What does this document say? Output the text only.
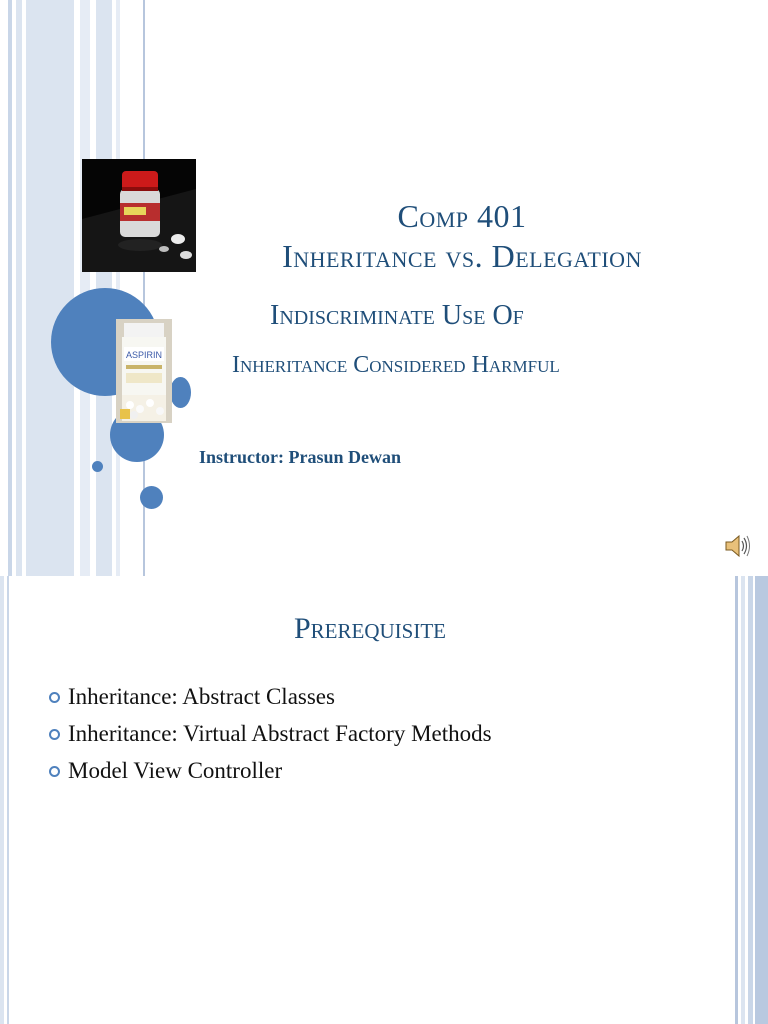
ASPIRIN
Comp 401
Inheritance vs. Delegation
Indiscriminate Use Of
Inheritance Considered Harmful
Instructor: Prasun Dewan
Prerequisite
Inheritance: Abstract Classes
Inheritance: Virtual Abstract Factory Methods
Model View Controller
